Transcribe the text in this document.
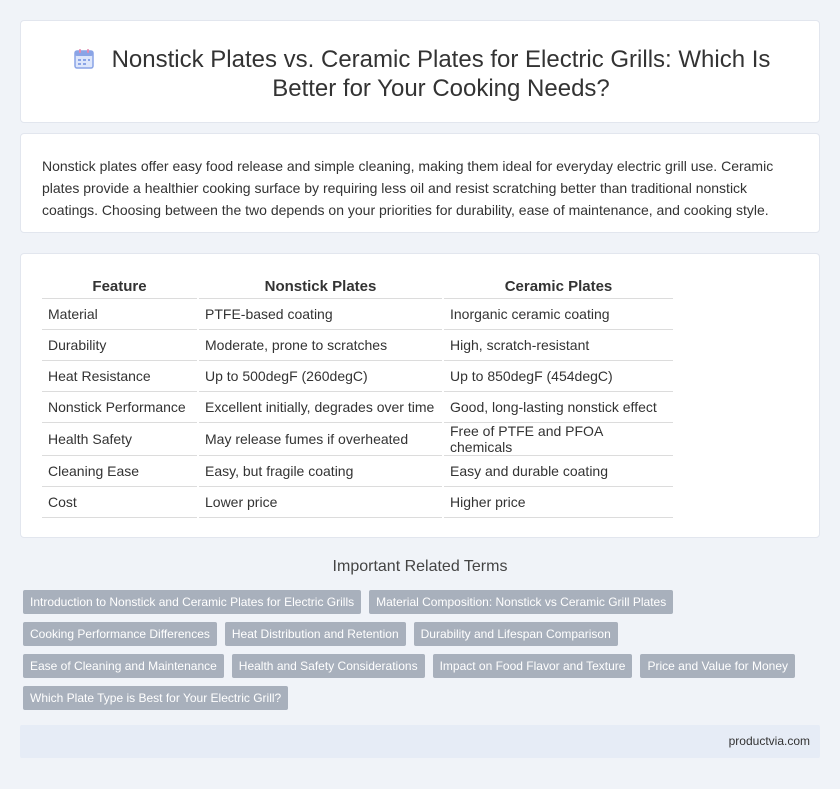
Nonstick Plates vs. Ceramic Plates for Electric Grills: Which Is Better for Your Cooking Needs?

Nonstick plates offer easy food release and simple cleaning, making them ideal for everyday electric grill use. Ceramic plates provide a healthier cooking surface by requiring less oil and resist scratching better than traditional nonstick coatings. Choosing between the two depends on your priorities for durability, ease of maintenance, and cooking style.

Feature	Nonstick Plates	Ceramic Plates
Material	PTFE-based coating	Inorganic ceramic coating
Durability	Moderate, prone to scratches	High, scratch-resistant
Heat Resistance	Up to 500degF (260degC)	Up to 850degF (454degC)
Nonstick Performance	Excellent initially, degrades over time	Good, long-lasting nonstick effect
Health Safety	May release fumes if overheated	Free of PTFE and PFOA chemicals
Cleaning Ease	Easy, but fragile coating	Easy and durable coating
Cost	Lower price	Higher price
Important Related Terms
Introduction to Nonstick and Ceramic Plates for Electric Grills	Material Composition: Nonstick vs Ceramic Grill Plates
Cooking Performance Differences	Heat Distribution and Retention	Durability and Lifespan Comparison
Ease of Cleaning and Maintenance	Health and Safety Considerations	Impact on Food Flavor and Texture	Price and Value for Money
Which Plate Type is Best for Your Electric Grill?
productvia.com
